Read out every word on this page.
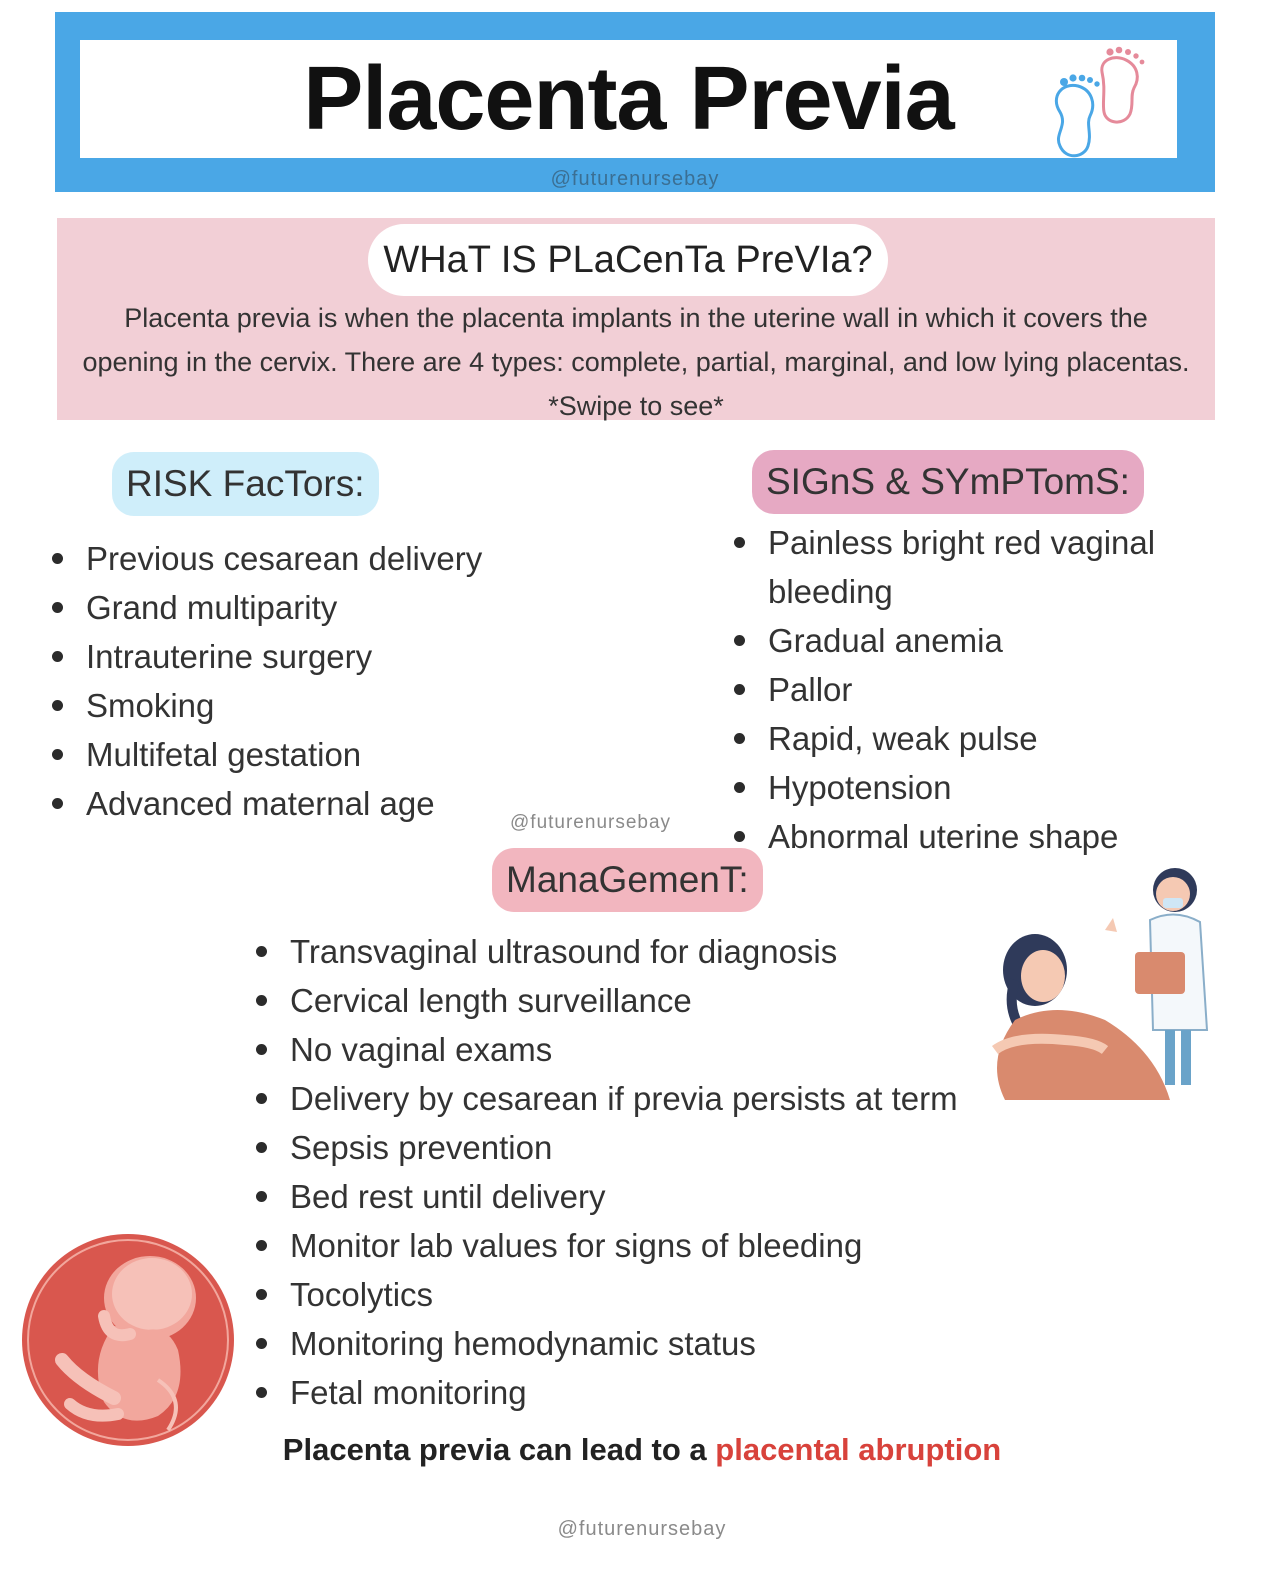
Placenta Previa
@futurenursebay
WHaT IS PLaCenTa PreVIa?
Placenta previa is when the placenta implants in the uterine wall in which it covers the opening in the cervix. There are 4 types: complete, partial, marginal, and low lying placentas. *Swipe to see*
RISK FacTors:
Previous cesarean delivery
Grand multiparity
Intrauterine surgery
Smoking
Multifetal gestation
Advanced maternal age
SIGnS & SYmPTomS:
Painless bright red vaginal bleeding
Gradual anemia
Pallor
Rapid, weak pulse
Hypotension
Abnormal uterine shape
@futurenursebay
ManaGemenT:
Transvaginal ultrasound for diagnosis
Cervical length surveillance
No vaginal exams
Delivery by cesarean if previa persists at term
Sepsis prevention
Bed rest until delivery
Monitor lab values for signs of bleeding
Tocolytics
Monitoring hemodynamic status
Fetal monitoring
Placenta previa can lead to a placental abruption
@futurenursebay
